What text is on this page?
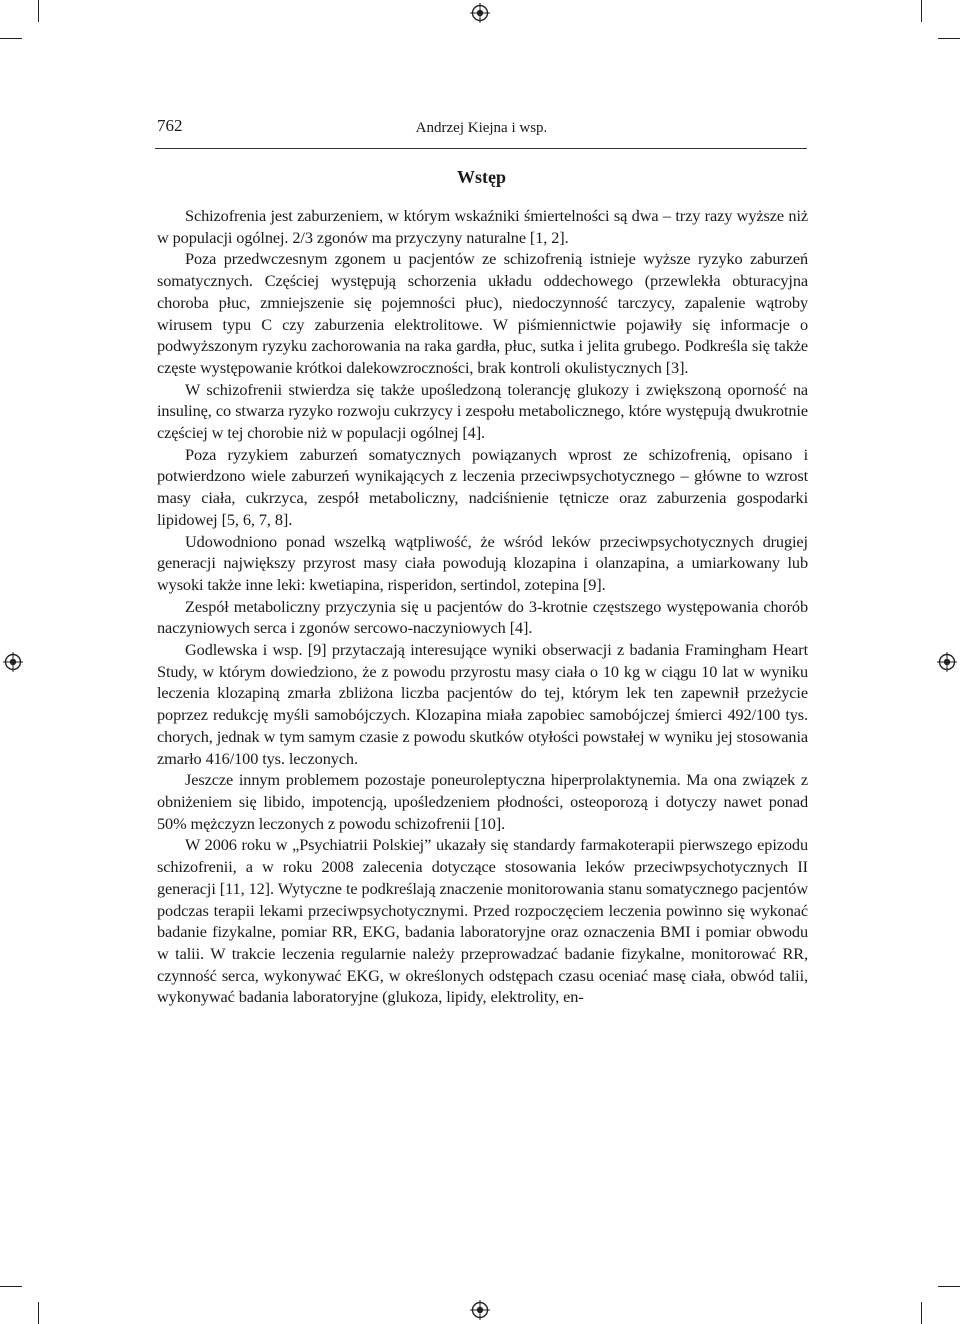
762	Andrzej Kiejna i wsp.
Wstęp

Schizofrenia jest zaburzeniem, w którym wskaźniki śmiertelności są dwa – trzy razy wyższe niż w populacji ogólnej. 2/3 zgonów ma przyczyny naturalne [1, 2].

Poza przedwczesnym zgonem u pacjentów ze schizofrenią istnieje wyższe ryzyko zaburzeń somatycznych. Częściej występują schorzenia układu oddechowego (przewlekła obturacyjna choroba płuc, zmniejszenie się pojemności płuc), niedoczynność tarczycy, zapalenie wątroby wirusem typu C czy zaburzenia elektrolitowe. W piśmiennictwie pojawiły się informacje o podwyższonym ryzyku zachorowania na raka gardła, płuc, sutka i jelita grubego. Podkreśla się także częste występowanie krótkoi dalekowzroczności, brak kontroli okulistycznych [3].

W schizofrenii stwierdza się także upośledzoną tolerancję glukozy i zwiększoną oporność na insulinę, co stwarza ryzyko rozwoju cukrzycy i zespołu metabolicznego, które występują dwukrotnie częściej w tej chorobie niż w populacji ogólnej [4].

Poza ryzykiem zaburzeń somatycznych powiązanych wprost ze schizofrenią, opisano i potwierdzono wiele zaburzeń wynikających z leczenia przeciwpsychotycznego – główne to wzrost masy ciała, cukrzyca, zespół metaboliczny, nadciśnienie tętnicze oraz zaburzenia gospodarki lipidowej [5, 6, 7, 8].

Udowodniono ponad wszelką wątpliwość, że wśród leków przeciwpsychotycznych drugiej generacji największy przyrost masy ciała powodują klozapina i olanzapina, a umiarkowany lub wysoki także inne leki: kwetiapina, risperidon, sertindol, zotepina [9].

Zespół metaboliczny przyczynia się u pacjentów do 3-krotnie częstszego występowania chorób naczyniowych serca i zgonów sercowo-naczyniowych [4].

Godlewska i wsp. [9] przytaczają interesujące wyniki obserwacji z badania Framingham Heart Study, w którym dowiedziono, że z powodu przyrostu masy ciała o 10 kg w ciągu 10 lat w wyniku leczenia klozapiną zmarła zbliżona liczba pacjentów do tej, którym lek ten zapewnił przeżycie poprzez redukcję myśli samobójczych. Klozapina miała zapobiec samobójczej śmierci 492/100 tys. chorych, jednak w tym samym czasie z powodu skutków otyłości powstałej w wyniku jej stosowania zmarło 416/100 tys. leczonych.

Jeszcze innym problemem pozostaje poneuroleptyczna hiperprolaktynemia. Ma ona związek z obniżeniem się libido, impotencją, upośledzeniem płodności, osteoporozą i dotyczy nawet ponad 50% mężczyzn leczonych z powodu schizofrenii [10].

W 2006 roku w „Psychiatrii Polskiej” ukazały się standardy farmakoterapii pierwszego epizodu schizofrenii, a w roku 2008 zalecenia dotyczące stosowania leków przeciwpsychotycznych II generacji [11, 12]. Wytyczne te podkreślają znaczenie monitorowania stanu somatycznego pacjentów podczas terapii lekami przeciwpsychotycznymi. Przed rozpoczęciem leczenia powinno się wykonać badanie fizykalne, pomiar RR, EKG, badania laboratoryjne oraz oznaczenia BMI i pomiar obwodu w talii. W trakcie leczenia regularnie należy przeprowadzać badanie fizykalne, monitorować RR, czynność serca, wykonywać EKG, w określonych odstępach czasu oceniać masę ciała, obwód talii, wykonywać badania laboratoryjne (glukoza, lipidy, elektrolity, en-
